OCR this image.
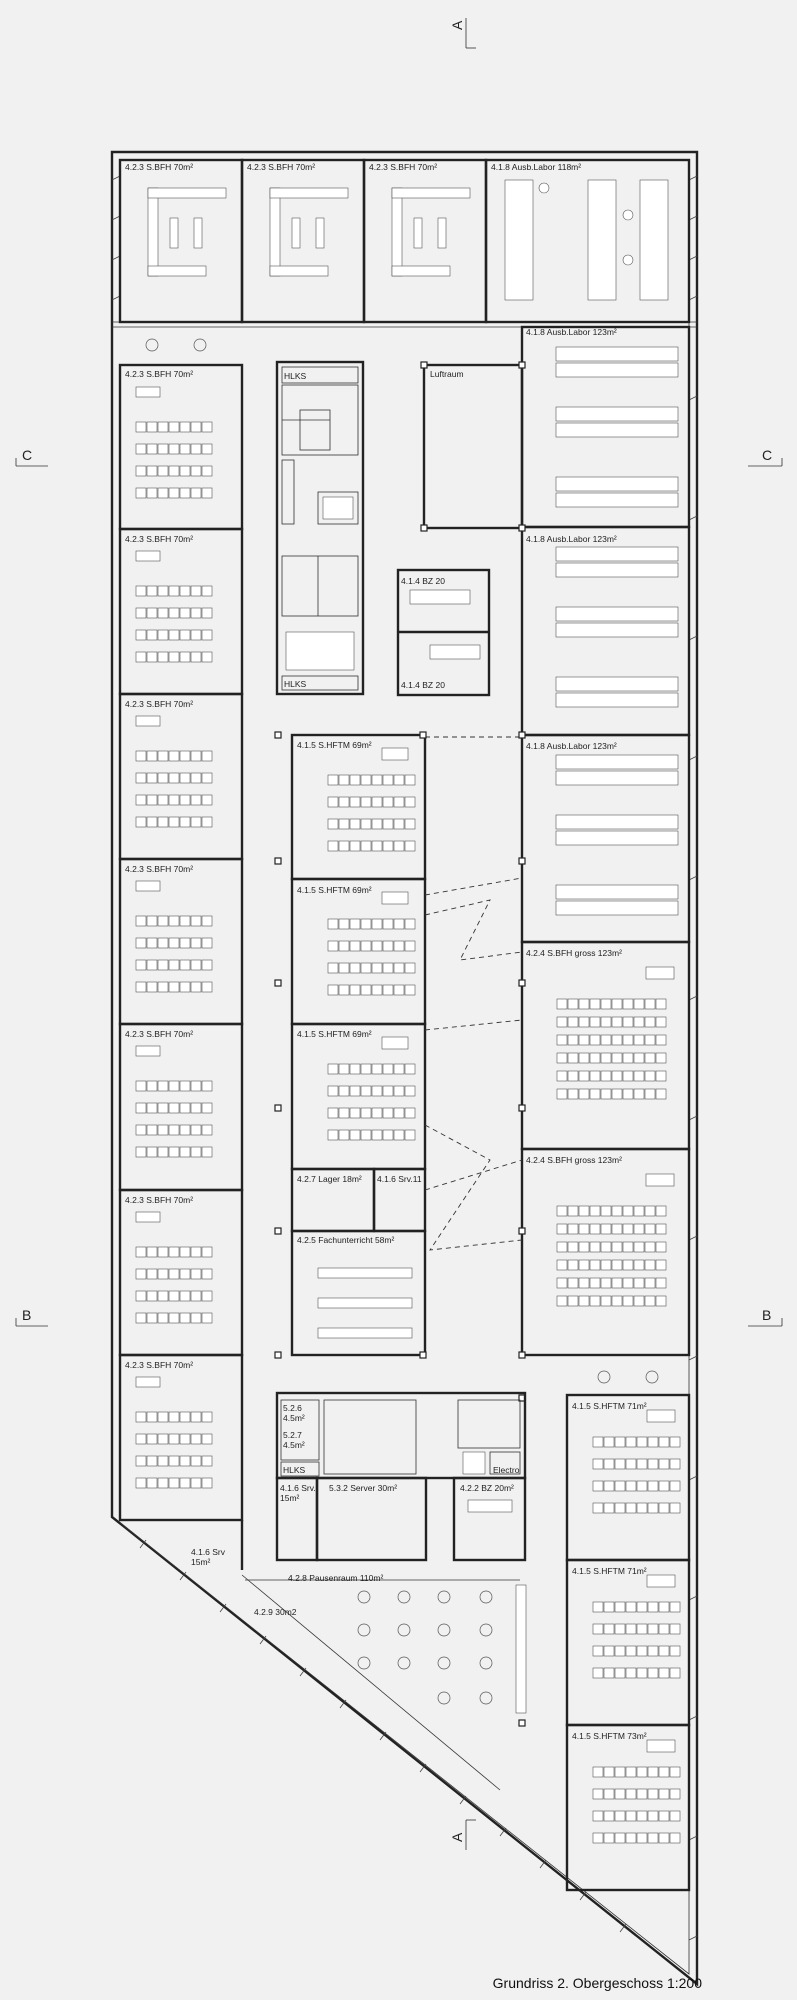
A
A
C	C
B	B
4.2.3 S.BFH 70m²	4.2.3 S.BFH 70m²	4.2.3 S.BFH 70m²	4.1.8 Ausb.Labor 118m²
4.2.3 S.BFH 70m²
4.2.3 S.BFH 70m²
4.2.3 S.BFH 70m²
4.2.3 S.BFH 70m²
4.2.3 S.BFH 70m²
4.2.3 S.BFH 70m²
4.2.3 S.BFH 70m²
4.1.8 Ausb.Labor 123m²
4.1.8 Ausb.Labor 123m²
4.1.8 Ausb.Labor 123m²
4.2.4 S.BFH gross 123m²
4.2.4 S.BFH gross 123m²
4.1.5 S.HFTM 71m²
4.1.5 S.HFTM 71m²
4.1.5 S.HFTM 73m²
4.1.5 S.HFTM 69m²
4.1.5 S.HFTM 69m²
4.1.5 S.HFTM 69m²
4.2.7 Lager 18m² 4.1.6 Srv.11
4.2.5 Fachunterricht 58m²
Luftraum
4.1.4 BZ 20
4.1.4 BZ 20
HLKS
HLKS
HLKS
5.2.6
4.5m²
5.2.7
4.5m²
4.1.6 Srv.
15m²
5.3.2 Server 30m²
Electro
4.2.2 BZ 20m²
4.1.6 Srv
15m²
4.2.8 Pausenraum 110m²
4.2.9 30m2
Grundriss 2. Obergeschoss 1:200
